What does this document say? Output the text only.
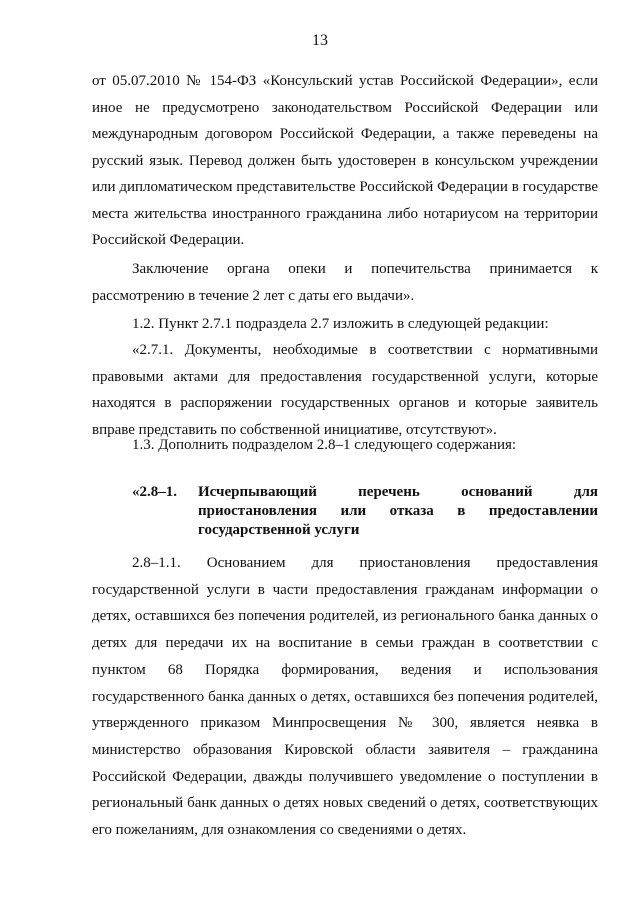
13
от 05.07.2010 № 154-ФЗ «Консульский устав Российской Федерации», если иное не предусмотрено законодательством Российской Федерации или международным договором Российской Федерации, а также переведены на русский язык. Перевод должен быть удостоверен в консульском учреждении или дипломатическом представительстве Российской Федерации в государстве места жительства иностранного гражданина либо нотариусом на территории Российской Федерации.
Заключение органа опеки и попечительства принимается к рассмотрению в течение 2 лет с даты его выдачи».
1.2. Пункт 2.7.1 подраздела 2.7 изложить в следующей редакции:
«2.7.1. Документы, необходимые в соответствии с нормативными правовыми актами для предоставления государственной услуги, которые находятся в распоряжении государственных органов и которые заявитель вправе представить по собственной инициативе, отсутствуют».
1.3. Дополнить подразделом 2.8–1 следующего содержания:
«2.8–1. Исчерпывающий перечень оснований для приостановления или отказа в предоставлении государственной услуги
2.8–1.1. Основанием для приостановления предоставления государственной услуги в части предоставления гражданам информации о детях, оставшихся без попечения родителей, из регионального банка данных о детях для передачи их на воспитание в семьи граждан в соответствии с пунктом 68 Порядка формирования, ведения и использования государственного банка данных о детях, оставшихся без попечения родителей, утвержденного приказом Минпросвещения № 300, является неявка в министерство образования Кировской области заявителя – гражданина Российской Федерации, дважды получившего уведомление о поступлении в региональный банк данных о детях новых сведений о детях, соответствующих его пожеланиям, для ознакомления со сведениями о детях.
